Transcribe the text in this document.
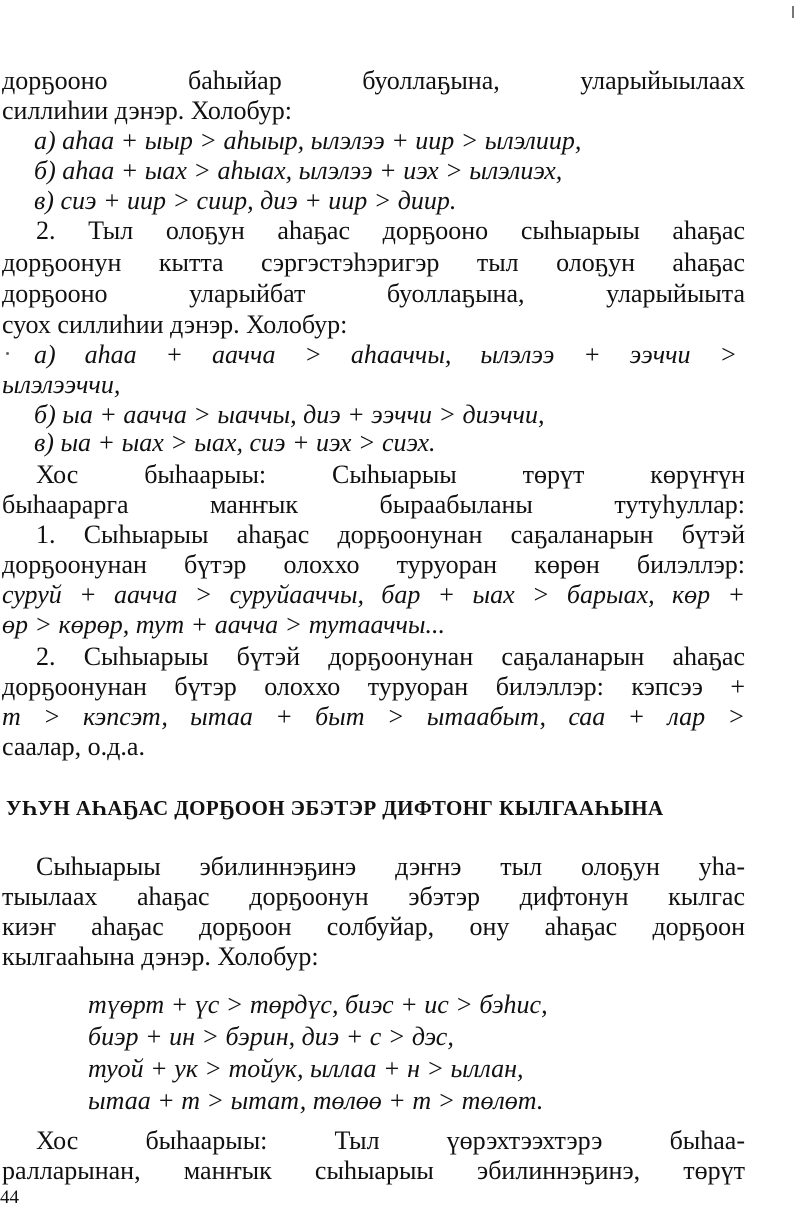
дорҕооно баһыйар буоллаҕына, уларыйыылаах
силлиһии дэнэр. Холобур:
а) аһаа + ыыр > аһыыр, ылэлээ + иир > ылэлиир,
б) аһаа + ыах > аһыах, ылэлээ + иэх > ылэлиэх,
в) сиэ + иир > сиир, диэ + иир > диир.
2. Тыл олоҕун аһаҕас дорҕооно сыһыарыы аһаҕас
дорҕоонун кытта сэргэстэһэригэр тыл олоҕун аһаҕас
дорҕооно уларыйбат буоллаҕына, уларыйыыта
суох силлиһии дэнэр. Холобур:
а) аһаа + аачча > аһааччы, ылэлээ + ээччи >
ылэлээччи,
б) ыа + аачча > ыаччы, диэ + ээччи > диэччи,
в) ыа + ыах > ыах, сиэ + иэх > сиэх.
Хос быһаарыы: Сыһыарыы төрүт көрүҥүн
быһаарарга манҥык быраабыланы тутуһуллар:
1. Сыһыарыы аһаҕас дорҕоонунан саҕаланарын бүтэй
дорҕоонунан бүтэр олоххо туруоран көрөн билэллэр:
суруй + аачча > суруйааччы, бар + ыах > барыах, көр +
өр > көрөр, тут + аачча > тутааччы...
2. Сыһыарыы бүтэй дорҕоонунан саҕаланарын аһаҕас
дорҕоонунан бүтэр олоххо туруоран билэллэр: кэпсээ +
т > кэпсэт, ытаа + быт > ытаабыт, саа + лар >
саалар, о.д.а.
УҺУН АҺАҔАС ДОРҔООН ЭБЭТЭР ДИФТОНГ КЫЛГААҺЫНА
Сыһыарыы эбилиннэҕинэ дэҥнэ тыл олоҕун уһа-
тыылаах аһаҕас дорҕоонун эбэтэр дифтонун кылгас
киэҥ аһаҕас дорҕоон солбуйар, ону аһаҕас дорҕоон
кылгааһына дэнэр. Холобур:
түөрт + үс > төрдүс, биэс + ис > бэһис,
биэр + ин > бэрин, диэ + с > дэс,
туой + ук > тойук, ыллаа + н > ыллан,
ытаа + т > ытат, төлөө + т > төлөт.
Хос быһаарыы: Тыл үөрэхтээхтэрэ быһаа-
ралларынан, манҥык сыһыарыы эбилиннэҕинэ, төрүт
44
